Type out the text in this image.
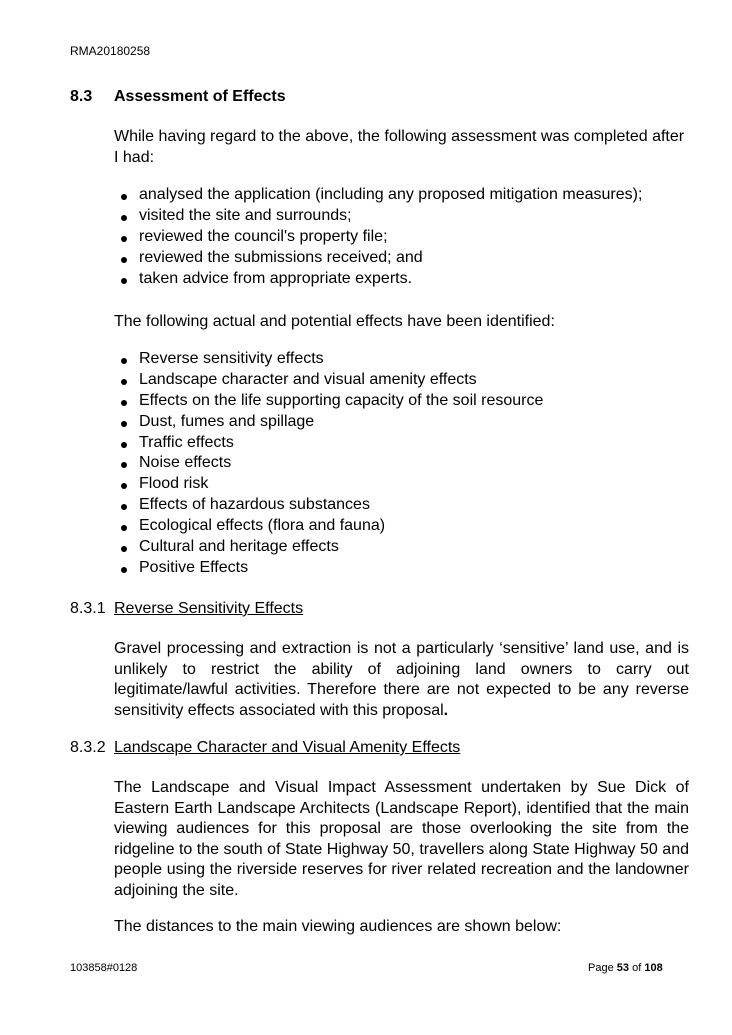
RMA20180258
8.3 Assessment of Effects
While having regard to the above, the following assessment was completed after I had:
analysed the application (including any proposed mitigation measures);
visited the site and surrounds;
reviewed the council's property file;
reviewed the submissions received; and
taken advice from appropriate experts.
The following actual and potential effects have been identified:
Reverse sensitivity effects
Landscape character and visual amenity effects
Effects on the life supporting capacity of the soil resource
Dust, fumes and spillage
Traffic effects
Noise effects
Flood risk
Effects of hazardous substances
Ecological effects (flora and fauna)
Cultural and heritage effects
Positive Effects
8.3.1 Reverse Sensitivity Effects
Gravel processing and extraction is not a particularly ‘sensitive’ land use, and is unlikely to restrict the ability of adjoining land owners to carry out legitimate/lawful activities. Therefore there are not expected to be any reverse sensitivity effects associated with this proposal.
8.3.2 Landscape Character and Visual Amenity Effects
The Landscape and Visual Impact Assessment undertaken by Sue Dick of Eastern Earth Landscape Architects (Landscape Report), identified that the main viewing audiences for this proposal are those overlooking the site from the ridgeline to the south of State Highway 50, travellers along State Highway 50 and people using the riverside reserves for river related recreation and the landowner adjoining the site.
The distances to the main viewing audiences are shown below:
103858#0128	Page 53 of 108
